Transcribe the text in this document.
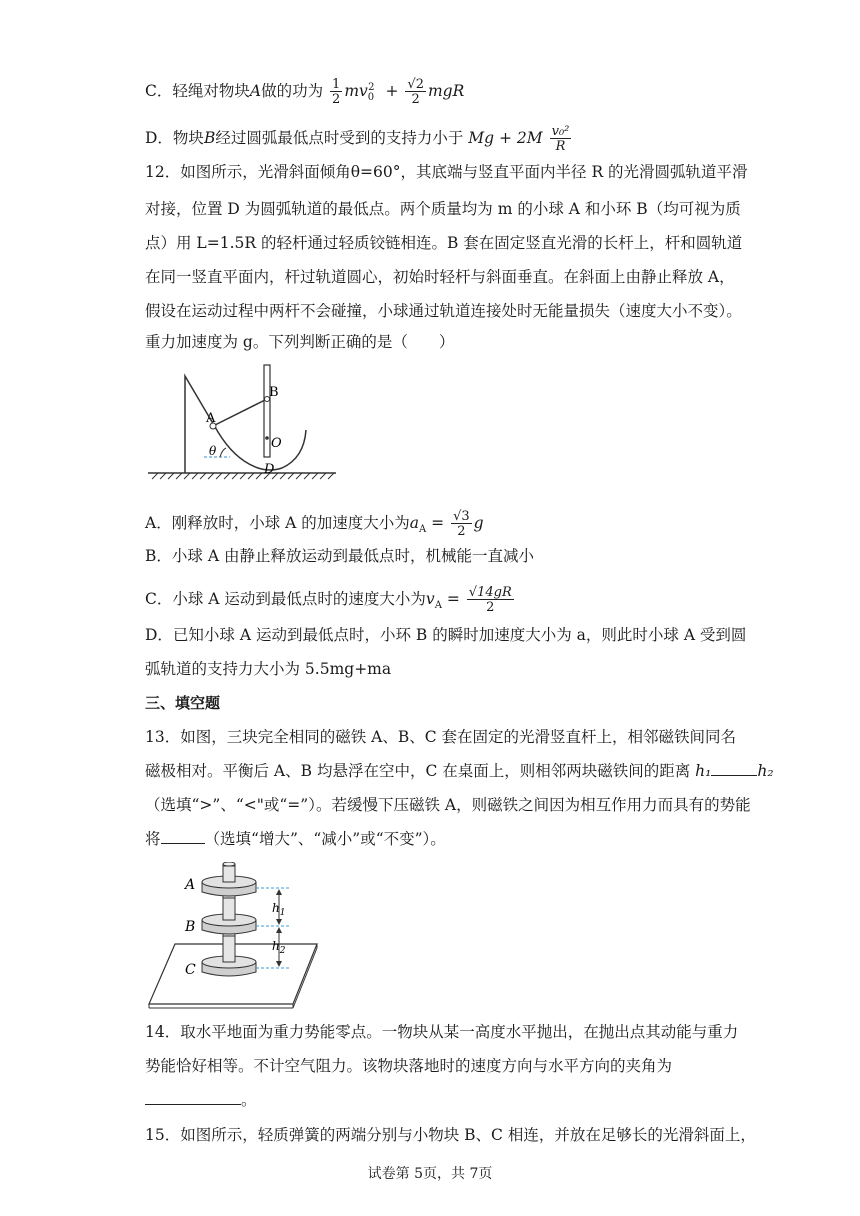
C．轻绳对物块A做的功为 $\frac{1}{2} mv_0^2 + \frac{√2}{2}$ mgR
D．物块B经过圆弧最低点时受到的支持力小于 $Mg + 2M \frac{\text{v₀²}}{R}$
12．如图所示，光滑斜面倾角θ=60°，其底端与竖直平面内半径 R 的光滑圆弧轨道平滑
对接，位置 D 为圆弧轨道的最低点。两个质量均为 m 的小球 A 和小环 B（均可视为质
点）用 L=1.5R 的轻杆通过轻质铰链相连。B 套在固定竖直光滑的长杆上，杆和圆轨道
在同一竖直平面内，杆过轨道圆心，初始时轻杆与斜面垂直。在斜面上由静止释放 A，
假设在运动过程中两杆不会碰撞，小球通过轨道连接处时无能量损失（速度大小不变）。
重力加速度为 g。下列判断正确的是（　　）
A
B
O
D
θ
A．刚释放时，小球 A 的加速度大小为$a_A = \frac{√3}{2}$ g
B．小球 A 由静止释放运动到最低点时，机械能一直减小
C．小球 A 运动到最低点时的速度大小为$v_A = \frac{√14gR}{2}$
D．已知小球 A 运动到最低点时，小环 B 的瞬时加速度大小为 a，则此时小球 A 受到圆
弧轨道的支持力大小为 5.5mg+ma
三、填空题
13．如图，三块完全相同的磁铁 A、B、C 套在固定的光滑竖直杆上，相邻磁铁间同名
磁极相对。平衡后 A、B 均悬浮在空中，C 在桌面上，则相邻两块磁铁间的距离 h₁	h₂
（选填“>”、“<"或“=”）。若缓慢下压磁铁 A，则磁铁之间因为相互作用力而具有的势能
将	（选填“增大”、“减小”或“不变”）。
A
B
C
$h_1$
$h_2$
14．取水平地面为重力势能零点。一物块从某一高度水平抛出，在抛出点其动能与重力
势能恰好相等。不计空气阻力。该物块落地时的速度方向与水平方向的夹角为
。
15．如图所示，轻质弹簧的两端分别与小物块 B、C 相连，并放在足够长的光滑斜面上，
试卷第 5页，共 7页
